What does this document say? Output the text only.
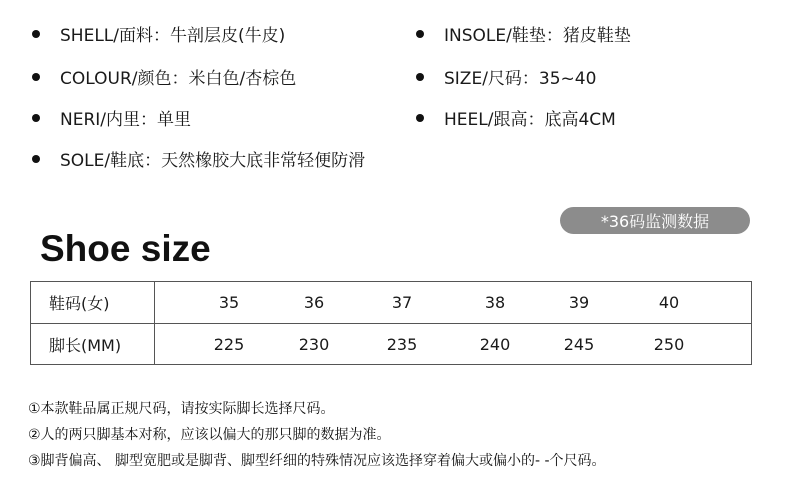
SHELL/面料：牛剖层皮(牛皮)	INSOLE/鞋垫：猪皮鞋垫
COLOUR/颜色：米白色/杏棕色	SIZE/尺码：35~40
NERI/内里：单里	HEEL/跟高：底高4CM
SOLE/鞋底：天然橡胶大底非常轻便防滑
*36码监测数据
Shoe size
鞋码(女)	35	36	37	38	39	40
脚长(MM)	225	230	235	240	245	250
①本款鞋品属正规尺码，请按实际脚长选择尺码。
②人的两只脚基本对称，应该以偏大的那只脚的数据为准。
③脚背偏高、 脚型宽肥或是脚背、脚型纤细的特殊情况应该选择穿着偏大或偏小的- -个尺码。
